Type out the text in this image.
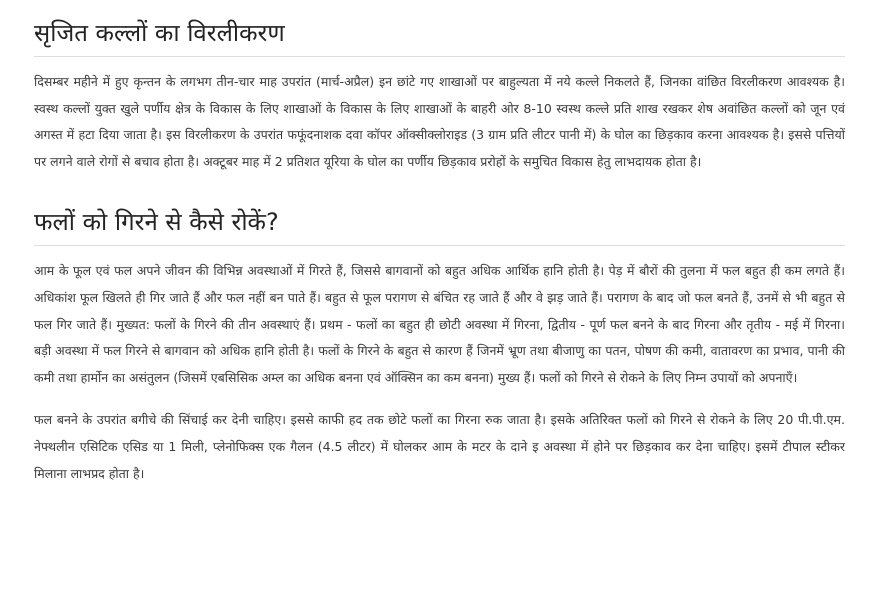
सृजित कल्लों का विरलीकरण

दिसम्बर महीने में हुए कृन्तन के लगभग तीन-चार माह उपरांत (मार्च-अप्रैल) इन छांटे गए शाखाओं पर बाहुल्यता में नये कल्ले निकलते हैं, जिनका वांछित विरलीकरण आवश्यक है। स्वस्थ कल्लों युक्त खुले पर्णीय क्षेत्र के विकास के लिए शाखाओं के विकास के लिए शाखाओं के बाहरी ओर 8-10 स्वस्थ कल्ले प्रति शाख रखकर शेष अवांछित कल्लों को जून एवं अगस्त में हटा दिया जाता है। इस विरलीकरण के उपरांत फफूंदनाशक दवा कॉपर ऑक्सीक्लोराइड (3 ग्राम प्रति लीटर पानी में) के घोल का छिड़काव करना आवश्यक है। इससे पत्तियों पर लगने वाले रोगों से बचाव होता है। अक्टूबर माह में 2 प्रतिशत यूरिया के घोल का पर्णीय छिड़काव प्ररोहों के समुचित विकास हेतु लाभदायक होता है।

फलों को गिरने से कैसे रोकें?

आम के फूल एवं फल अपने जीवन की विभिन्न अवस्थाओं में गिरते हैं, जिससे बागवानों को बहुत अधिक आर्थिक हानि होती है। पेड़ में बौरों की तुलना में फल बहुत ही कम लगते हैं। अधिकांश फूल खिलते ही गिर जाते हैं और फल नहीं बन पाते हैं। बहुत से फूल परागण से बंचित रह जाते हैं और वे झड़ जाते हैं। परागण के बाद जो फल बनते हैं, उनमें से भी बहुत से फल गिर जाते हैं। मुख्यत: फलों के गिरने की तीन अवस्थाएं हैं। प्रथम - फलों का बहुत ही छोटी अवस्था में गिरना, द्वितीय - पूर्ण फल बनने के बाद गिरना और तृतीय - मई में गिरना। बड़ी अवस्था में फल गिरने से बागवान को अधिक हानि होती है। फलों के गिरने के बहुत से कारण हैं जिनमें भ्रूण तथा बीजाणु का पतन, पोषण की कमी, वातावरण का प्रभाव, पानी की कमी तथा हार्मोन का असंतुलन (जिसमें एबसिसिक अम्ल का अधिक बनना एवं ऑक्सिन का कम बनना) मुख्य हैं। फलों को गिरने से रोकने के लिए निम्न उपायों को अपनाएँ।

फल बनने के उपरांत बगीचे की सिंचाई कर देनी चाहिए। इससे काफी हद तक छोटे फलों का गिरना रुक जाता है। इसके अतिरिक्त फलों को गिरने से रोकने के लिए 20 पी.पी.एम. नेफ्थलीन एसिटिक एसिड या 1 मिली, प्लेनोफिक्स एक गैलन (4.5 लीटर) में घोलकर आम के मटर के दाने इ अवस्था में होने पर छिड़काव कर देना चाहिए। इसमें टीपाल स्टीकर मिलाना लाभप्रद होता है।
